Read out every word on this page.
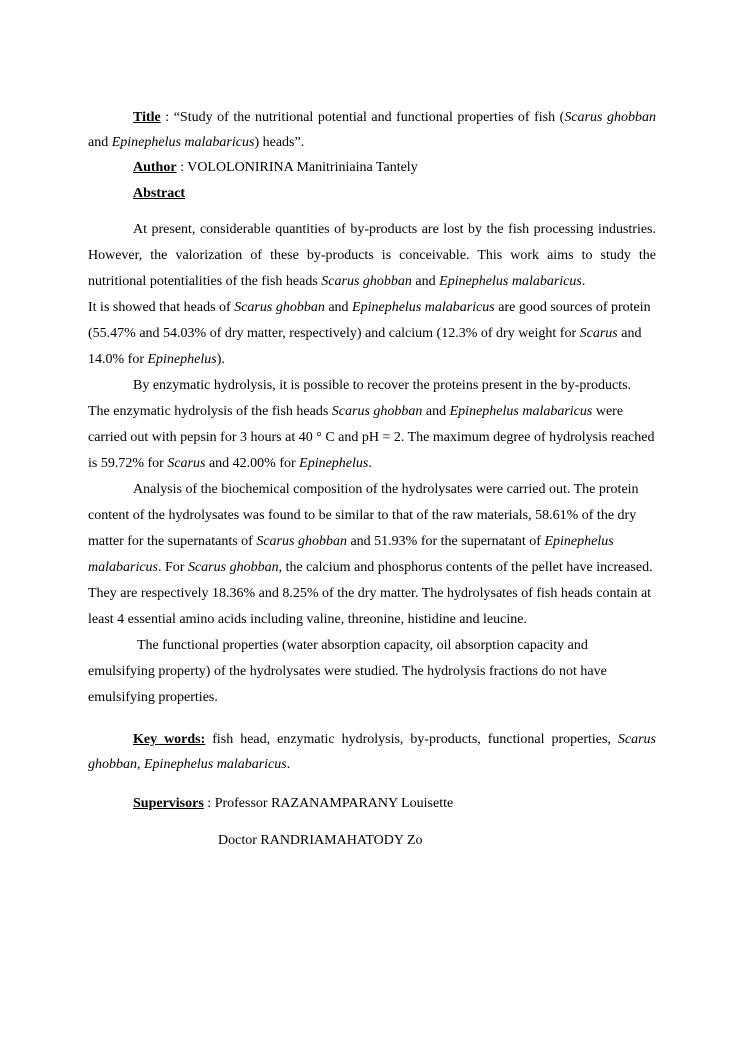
Title : “Study of the nutritional potential and functional properties of fish (Scarus ghobban and Epinephelus malabaricus) heads”.

Author : VOLOLONIRINA Manitriniaina Tantely

Abstract

At present, considerable quantities of by-products are lost by the fish processing industries. However, the valorization of these by-products is conceivable. This work aims to study the nutritional potentialities of the fish heads Scarus ghobban and Epinephelus malabaricus.

It is showed that heads of Scarus ghobban and Epinephelus malabaricus are good sources of protein (55.47% and 54.03% of dry matter, respectively) and calcium (12.3% of dry weight for Scarus and 14.0% for Epinephelus).

By enzymatic hydrolysis, it is possible to recover the proteins present in the by-products. The enzymatic hydrolysis of the fish heads Scarus ghobban and Epinephelus malabaricus were carried out with pepsin for 3 hours at 40 ° C and pH = 2. The maximum degree of hydrolysis reached is 59.72% for Scarus and 42.00% for Epinephelus.

Analysis of the biochemical composition of the hydrolysates were carried out. The protein content of the hydrolysates was found to be similar to that of the raw materials, 58.61% of the dry matter for the supernatants of Scarus ghobban and 51.93% for the supernatant of Epinephelus malabaricus. For Scarus ghobban, the calcium and phosphorus contents of the pellet have increased. They are respectively 18.36% and 8.25% of the dry matter. The hydrolysates of fish heads contain at least 4 essential amino acids including valine, threonine, histidine and leucine.

The functional properties (water absorption capacity, oil absorption capacity and emulsifying property) of the hydrolysates were studied. The hydrolysis fractions do not have emulsifying properties.

Key words: fish head, enzymatic hydrolysis, by-products, functional properties, Scarus ghobban, Epinephelus malabaricus.

Supervisors : Professor RAZANAMPARANY Louisette

Doctor RANDRIAMAHATODY Zo
